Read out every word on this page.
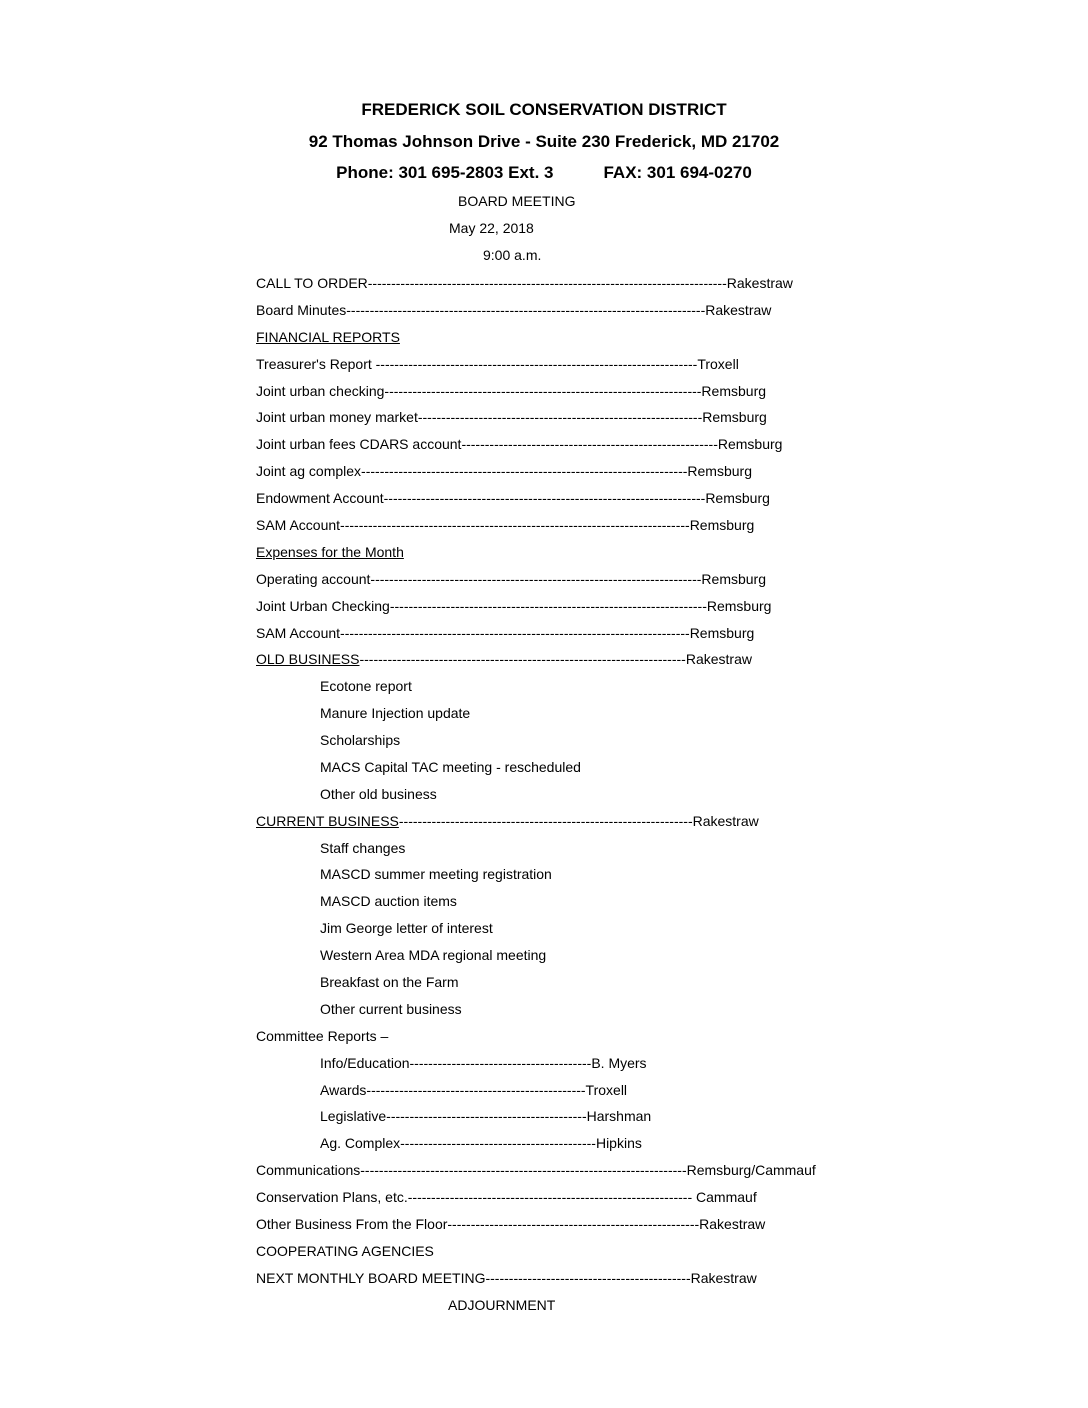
FREDERICK SOIL CONSERVATION DISTRICT
92 Thomas Johnson Drive - Suite 230 Frederick, MD 21702
Phone: 301 695-2803 Ext. 3	FAX: 301 694-0270
BOARD MEETING
May 22, 2018
9:00 a.m.
CALL TO ORDER-----------------------------------------------------------------------------Rakestraw
Board Minutes-----------------------------------------------------------------------------Rakestraw
FINANCIAL REPORTS
Treasurer's Report ---------------------------------------------------------------------Troxell
Joint urban checking--------------------------------------------------------------------Remsburg
Joint urban money market-------------------------------------------------------------Remsburg
Joint urban fees CDARS account-------------------------------------------------------Remsburg
Joint ag complex----------------------------------------------------------------------Remsburg
Endowment Account---------------------------------------------------------------------Remsburg
SAM Account---------------------------------------------------------------------------Remsburg
Expenses for the Month
Operating account-----------------------------------------------------------------------Remsburg
Joint Urban Checking--------------------------------------------------------------------Remsburg
SAM Account---------------------------------------------------------------------------Remsburg
OLD BUSINESS----------------------------------------------------------------------Rakestraw
Ecotone report
Manure Injection update
Scholarships
MACS Capital TAC meeting - rescheduled
Other old business
CURRENT BUSINESS---------------------------------------------------------------Rakestraw
Staff changes
MASCD summer meeting registration
MASCD auction items
Jim George letter of interest
Western Area MDA regional meeting
Breakfast on the Farm
Other current business
Committee Reports –
Info/Education---------------------------------------B. Myers
Awards-----------------------------------------------Troxell
Legislative-------------------------------------------Harshman
Ag. Complex------------------------------------------Hipkins
Communications----------------------------------------------------------------------Remsburg/Cammauf
Conservation Plans, etc.------------------------------------------------------------- Cammauf
Other Business From the Floor------------------------------------------------------Rakestraw
COOPERATING AGENCIES
NEXT MONTHLY BOARD MEETING--------------------------------------------Rakestraw
ADJOURNMENT
